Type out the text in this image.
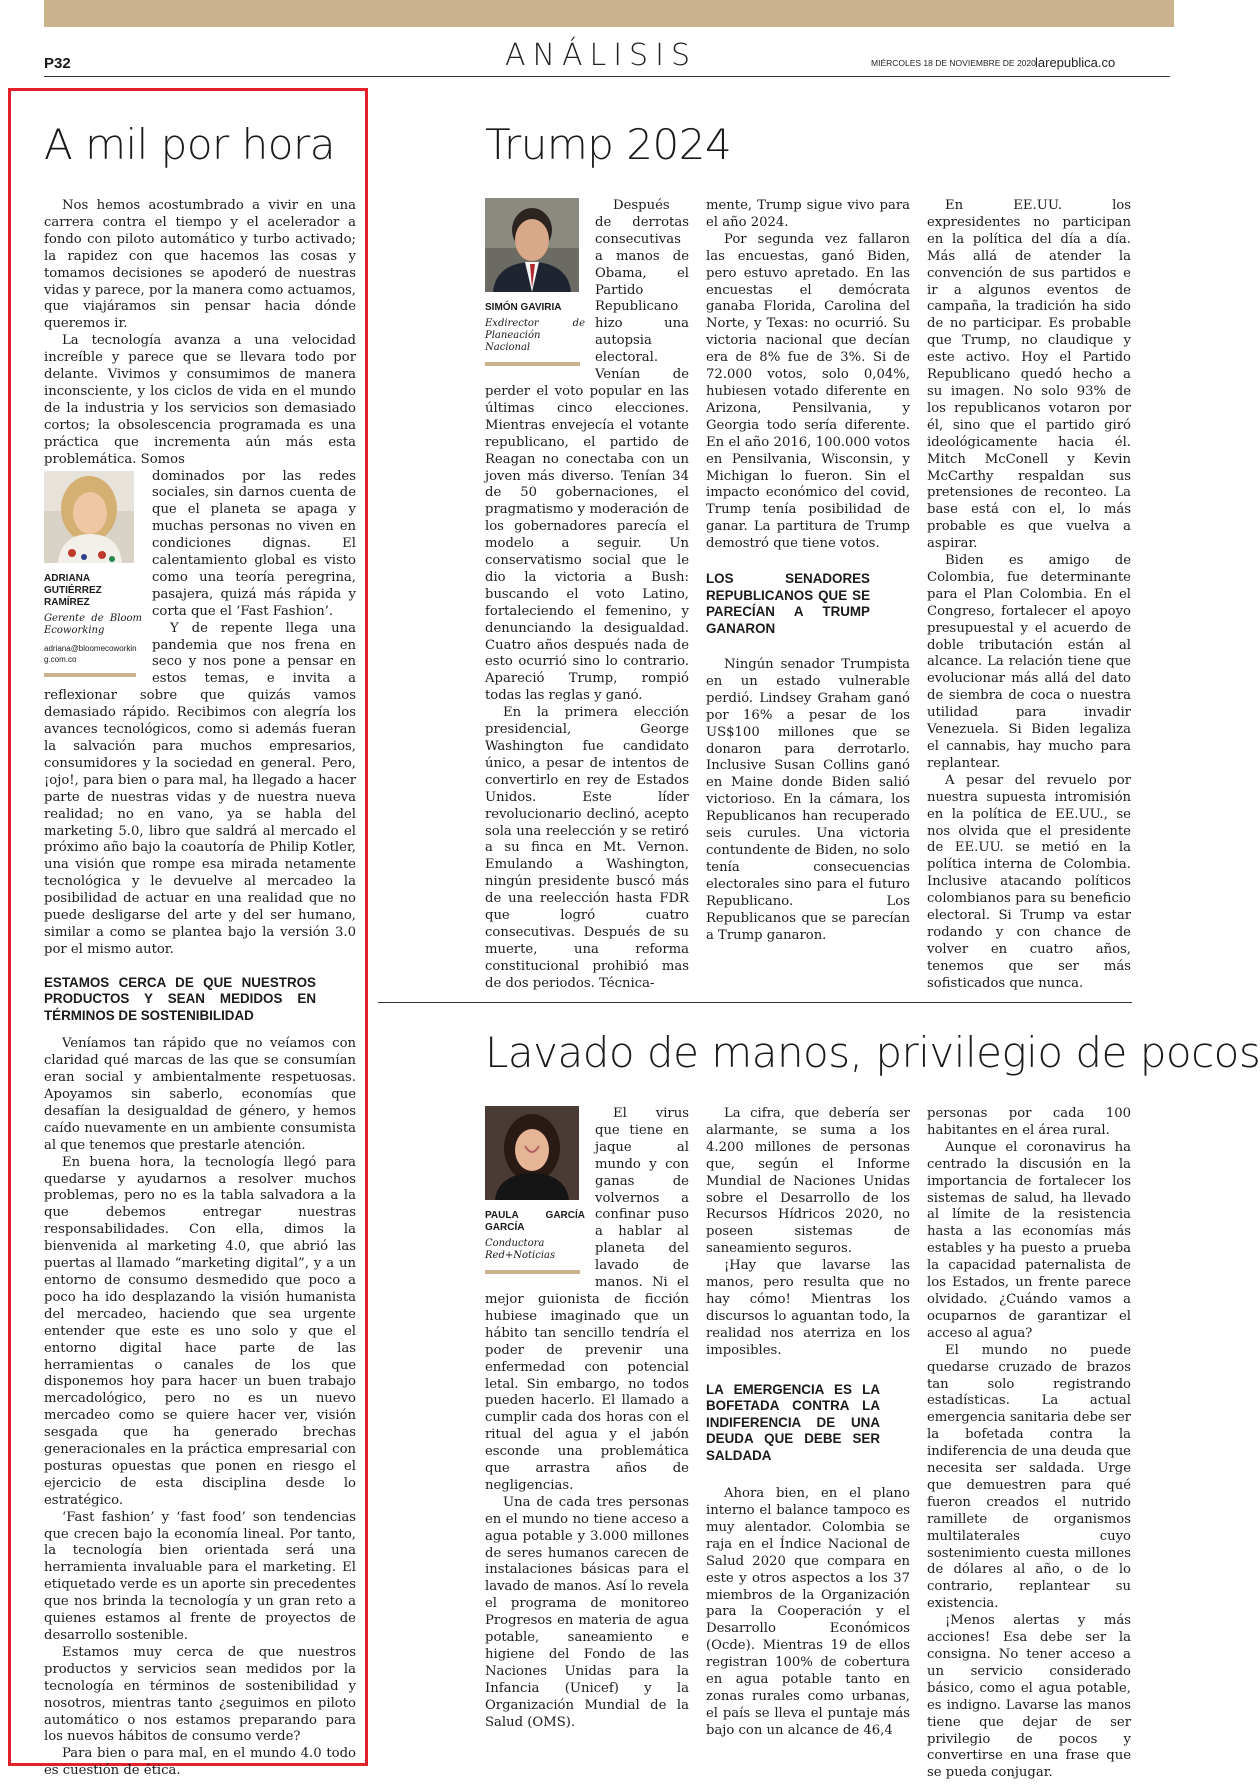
P32	ANÁLISIS	MIÉRCOLES 18 DE NOVIEMBRE DE 2020 larepublica.co
A mil por hora

Nos hemos acostumbrado a vivir en una carrera contra el tiempo y el acelerador a fondo con piloto automático y turbo activado; la rapidez con que hacemos las cosas y tomamos decisiones se apoderó de nuestras vidas y parece, por la manera como actuamos, que viajáramos sin pensar hacia dónde queremos ir.

La tecnología avanza a una velocidad increíble y parece que se llevara todo por delante. Vivimos y consumimos de manera inconsciente, y los ciclos de vida en el mundo de la industria y los servicios son demasiado cortos; la obsolescencia programada es una práctica que incrementa aún más esta problemática. Somos

ADRIANA GUTIÉRREZ RAMÍREZ
Gerente de Bloom Ecoworking
adriana@bloomecoworking.com.co

dominados por las redes sociales, sin darnos cuenta de que el planeta se apaga y muchas personas no viven en condiciones dignas. El calentamiento global es visto como una teoría peregrina, pasajera, quizá más rápida y corta que el ‘Fast Fashion’.

Y de repente llega una pandemia que nos frena en seco y nos pone a pensar en estos temas, e invita a reflexionar sobre que quizás vamos demasiado rápido. Recibimos con alegría los avances tecnológicos, como si además fueran la salvación para muchos empresarios, consumidores y la sociedad en general. Pero, ¡ojo!, para bien o para mal, ha llegado a hacer parte de nuestras vidas y de nuestra nueva realidad; no en vano, ya se habla del marketing 5.0, libro que saldrá al mercado el próximo año bajo la coautoría de Philip Kotler, una visión que rompe esa mirada netamente tecnológica y le devuelve al mercadeo la posibilidad de actuar en una realidad que no puede desligarse del arte y del ser humano, similar a como se plantea bajo la versión 3.0 por el mismo autor.

ESTAMOS CERCA DE QUE NUESTROS PRODUCTOS Y SEAN MEDIDOS EN TÉRMINOS DE SOSTENIBILIDAD

Veníamos tan rápido que no veíamos con claridad qué marcas de las que se consumían eran social y ambientalmente respetuosas. Apoyamos sin saberlo, economías que desafían la desigualdad de género, y hemos caído nuevamente en un ambiente consumista al que tenemos que prestarle atención.

En buena hora, la tecnología llegó para quedarse y ayudarnos a resolver muchos problemas, pero no es la tabla salvadora a la que debemos entregar nuestras responsabilidades. Con ella, dimos la bienvenida al marketing 4.0, que abrió las puertas al llamado “marketing digital”, y a un entorno de consumo desmedido que poco a poco ha ido desplazando la visión humanista del mercadeo, haciendo que sea urgente entender que este es uno solo y que el entorno digital hace parte de las herramientas o canales de los que disponemos hoy para hacer un buen trabajo mercadológico, pero no es un nuevo mercadeo como se quiere hacer ver, visión sesgada que ha generado brechas generacionales en la práctica empresarial con posturas opuestas que ponen en riesgo el ejercicio de esta disciplina desde lo estratégico.

‘Fast fashion’ y ‘fast food’ son tendencias que crecen bajo la economía lineal. Por tanto, la tecnología bien orientada será una herramienta invaluable para el marketing. El etiquetado verde es un aporte sin precedentes que nos brinda la tecnología y un gran reto a quienes estamos al frente de proyectos de desarrollo sostenible.

Estamos muy cerca de que nuestros productos y servicios sean medidos por la tecnología en términos de sostenibilidad y nosotros, mientras tanto ¿seguimos en piloto automático o nos estamos preparando para los nuevos hábitos de consumo verde?

Para bien o para mal, en el mundo 4.0 todo es cuestión de ética.

Trump 2024
SIMÓN GAVIRIA
Exdirector de Planeación Nacional

Después de derrotas consecutivas a manos de Obama, el Partido Republicano hizo una autopsia electoral. Venían de perder el voto popular en las últimas cinco elecciones. Mientras envejecía el votante republicano, el partido de Reagan no conectaba con un joven más diverso. Tenían 34 de 50 gobernaciones, el pragmatismo y moderación de los gobernadores parecía el modelo a seguir. Un conservatismo social que le dio la victoria a Bush: buscando el voto Latino, fortaleciendo el femenino, y denunciando la desigualdad. Cuatro años después nada de esto ocurrió sino lo contrario. Apareció Trump, rompió todas las reglas y ganó.

En la primera elección presidencial, George Washington fue candidato único, a pesar de intentos de convertirlo en rey de Estados Unidos. Este líder revolucionario declinó, acepto sola una reelección y se retiró a su finca en Mt. Vernon. Emulando a Washington, ningún presidente buscó más de una reelección hasta FDR que logró cuatro consecutivas. Después de su muerte, una reforma constitucional prohibió mas de dos periodos. Técnica-

mente, Trump sigue vivo para el año 2024.

Por segunda vez fallaron las encuestas, ganó Biden, pero estuvo apretado. En las encuestas el demócrata ganaba Florida, Carolina del Norte, y Texas: no ocurrió. Su victoria nacional que decían era de 8% fue de 3%. Si de 72.000 votos, solo 0,04%, hubiesen votado diferente en Arizona, Pensilvania, y Georgia todo sería diferente. En el año 2016, 100.000 votos en Pensilvania, Wisconsin, y Michigan lo fueron. Sin el impacto económico del covid, Trump tenía posibilidad de ganar. La partitura de Trump demostró que tiene votos.

LOS SENADORES REPUBLICANOS QUE SE PARECÍAN A TRUMP GANARON

Ningún senador Trumpista en un estado vulnerable perdió. Lindsey Graham ganó por 16% a pesar de los US$100 millones que se donaron para derrotarlo. Inclusive Susan Collins ganó en Maine donde Biden salió victorioso. En la cámara, los Republicanos han recuperado seis curules. Una victoria contundente de Biden, no solo tenía consecuencias electorales sino para el futuro Republicano. Los Republicanos que se parecían a Trump ganaron.

En EE.UU. los expresidentes no participan en la política del día a día. Más allá de atender la convención de sus partidos e ir a algunos eventos de campaña, la tradición ha sido de no participar. Es probable que Trump, no claudique y este activo. Hoy el Partido Republicano quedó hecho a su imagen. No solo 93% de los republicanos votaron por él, sino que el partido giró ideológicamente hacia él. Mitch McConell y Kevin McCarthy respaldan sus pretensiones de reconteo. La base está con el, lo más probable es que vuelva a aspirar.

Biden es amigo de Colombia, fue determinante para el Plan Colombia. En el Congreso, fortalecer el apoyo presupuestal y el acuerdo de doble tributación están al alcance. La relación tiene que evolucionar más allá del dato de siembra de coca o nuestra utilidad para invadir Venezuela. Si Biden legaliza el cannabis, hay mucho para replantear.

A pesar del revuelo por nuestra supuesta intromisión en la política de EE.UU., se nos olvida que el presidente de EE.UU. se metió en la política interna de Colombia. Inclusive atacando políticos colombianos para su beneficio electoral. Si Trump va estar rodando y con chance de volver en cuatro años, tenemos que ser más sofisticados que nunca.

Lavado de manos, privilegio de pocos
PAULA GARCÍA GARCÍA
Conductora Red+Noticias

El virus que tiene en jaque al mundo y con ganas de volvernos a confinar puso a hablar al planeta del lavado de manos. Ni el mejor guionista de ficción hubiese imaginado que un hábito tan sencillo tendría el poder de prevenir una enfermedad con potencial letal. Sin embargo, no todos pueden hacerlo. El llamado a cumplir cada dos horas con el ritual del agua y el jabón esconde una problemática que arrastra años de negligencias.

Una de cada tres personas en el mundo no tiene acceso a agua potable y 3.000 millones de seres humanos carecen de instalaciones básicas para el lavado de manos. Así lo revela el programa de monitoreo Progresos en materia de agua potable, saneamiento e higiene del Fondo de las Naciones Unidas para la Infancia (Unicef) y la Organización Mundial de la Salud (OMS).

La cifra, que debería ser alarmante, se suma a los 4.200 millones de personas que, según el Informe Mundial de Naciones Unidas sobre el Desarrollo de los Recursos Hídricos 2020, no poseen sistemas de saneamiento seguros.

¡Hay que lavarse las manos, pero resulta que no hay cómo! Mientras los discursos lo aguantan todo, la realidad nos aterriza en los imposibles.

LA EMERGENCIA ES LA BOFETADA CONTRA LA INDIFERENCIA DE UNA DEUDA QUE DEBE SER SALDADA

Ahora bien, en el plano interno el balance tampoco es muy alentador. Colombia se raja en el Índice Nacional de Salud 2020 que compara en este y otros aspectos a los 37 miembros de la Organización para la Cooperación y el Desarrollo Económicos (Ocde). Mientras 19 de ellos registran 100% de cobertura en agua potable tanto en zonas rurales como urbanas, el país se lleva el puntaje más bajo con un alcance de 46,4

personas por cada 100 habitantes en el área rural.

Aunque el coronavirus ha centrado la discusión en la importancia de fortalecer los sistemas de salud, ha llevado al límite de la resistencia hasta a las economías más estables y ha puesto a prueba la capacidad paternalista de los Estados, un frente parece olvidado. ¿Cuándo vamos a ocuparnos de garantizar el acceso al agua?

El mundo no puede quedarse cruzado de brazos tan solo registrando estadísticas. La actual emergencia sanitaria debe ser la bofetada contra la indiferencia de una deuda que necesita ser saldada. Urge que demuestren para qué fueron creados el nutrido ramillete de organismos multilaterales cuyo sostenimiento cuesta millones de dólares al año, o de lo contrario, replantear su existencia.

¡Menos alertas y más acciones! Esa debe ser la consigna. No tener acceso a un servicio considerado básico, como el agua potable, es indigno. Lavarse las manos tiene que dejar de ser privilegio de pocos y convertirse en una frase que se pueda conjugar.
